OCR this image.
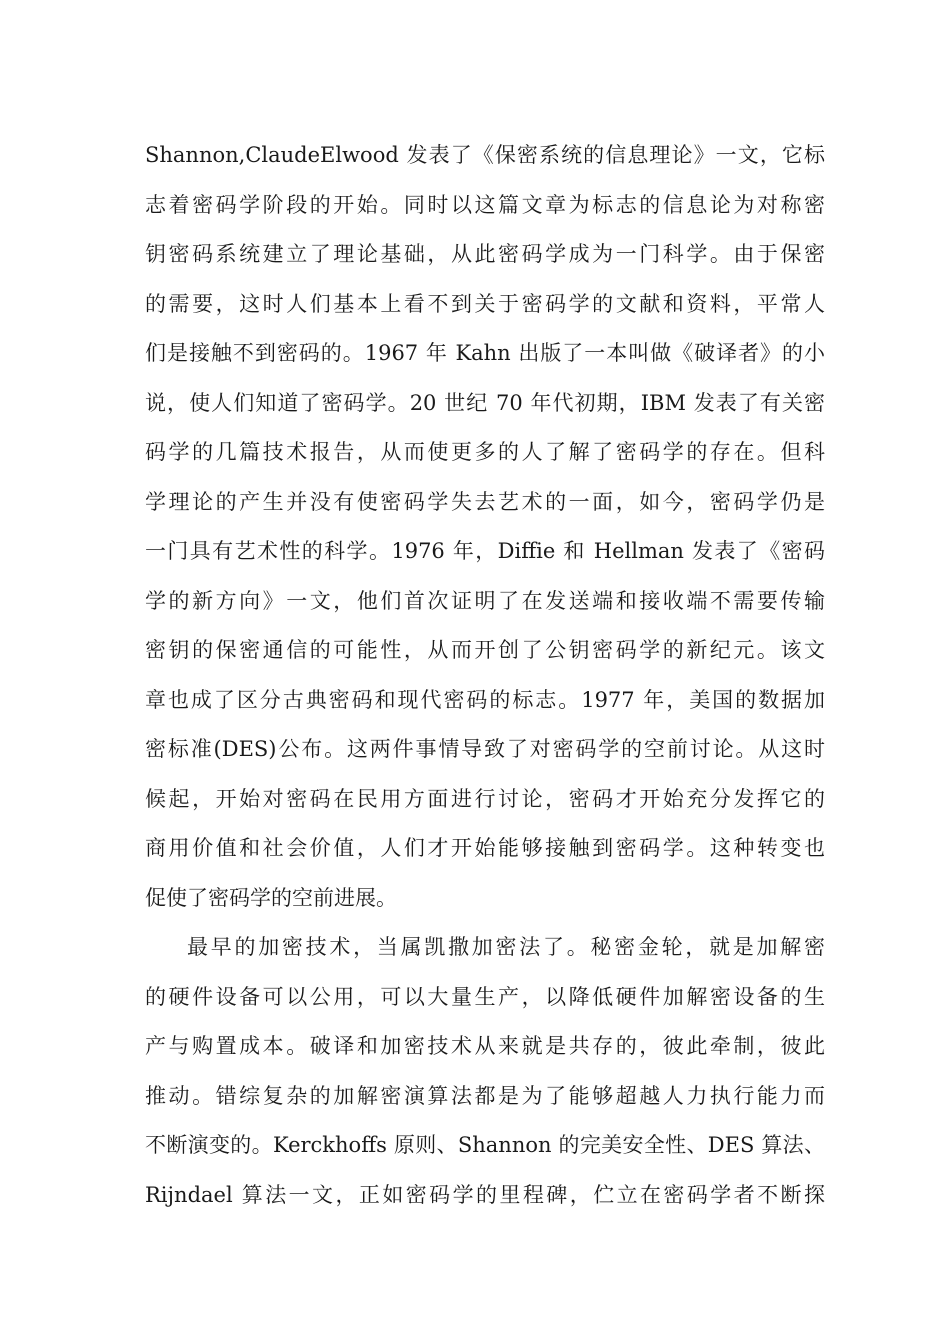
Shannon,ClaudeElwood 发表了《保密系统的信息理论》一文，它标
志着密码学阶段的开始。同时以这篇文章为标志的信息论为对称密
钥密码系统建立了理论基础，从此密码学成为一门科学。由于保密
的需要，这时人们基本上看不到关于密码学的文献和资料，平常人
们是接触不到密码的。1967 年 Kahn 出版了一本叫做《破译者》的小
说，使人们知道了密码学。20 世纪 70 年代初期，IBM 发表了有关密
码学的几篇技术报告，从而使更多的人了解了密码学的存在。但科
学理论的产生并没有使密码学失去艺术的一面，如今，密码学仍是
一门具有艺术性的科学。1976 年，Diffie 和 Hellman 发表了《密码
学的新方向》一文，他们首次证明了在发送端和接收端不需要传输
密钥的保密通信的可能性，从而开创了公钥密码学的新纪元。该文
章也成了区分古典密码和现代密码的标志。1977 年，美国的数据加
密标准(DES)公布。这两件事情导致了对密码学的空前讨论。从这时
候起，开始对密码在民用方面进行讨论，密码才开始充分发挥它的
商用价值和社会价值，人们才开始能够接触到密码学。这种转变也
促使了密码学的空前进展。
最早的加密技术，当属凯撒加密法了。秘密金轮，就是加解密
的硬件设备可以公用，可以大量生产，以降低硬件加解密设备的生
产与购置成本。破译和加密技术从来就是共存的，彼此牵制，彼此
推动。错综复杂的加解密演算法都是为了能够超越人力执行能力而
不断演变的。Kerckhoffs 原则、Shannon 的完美安全性、DES 算法、
Rijndael 算法一文，正如密码学的里程碑，伫立在密码学者不断探
